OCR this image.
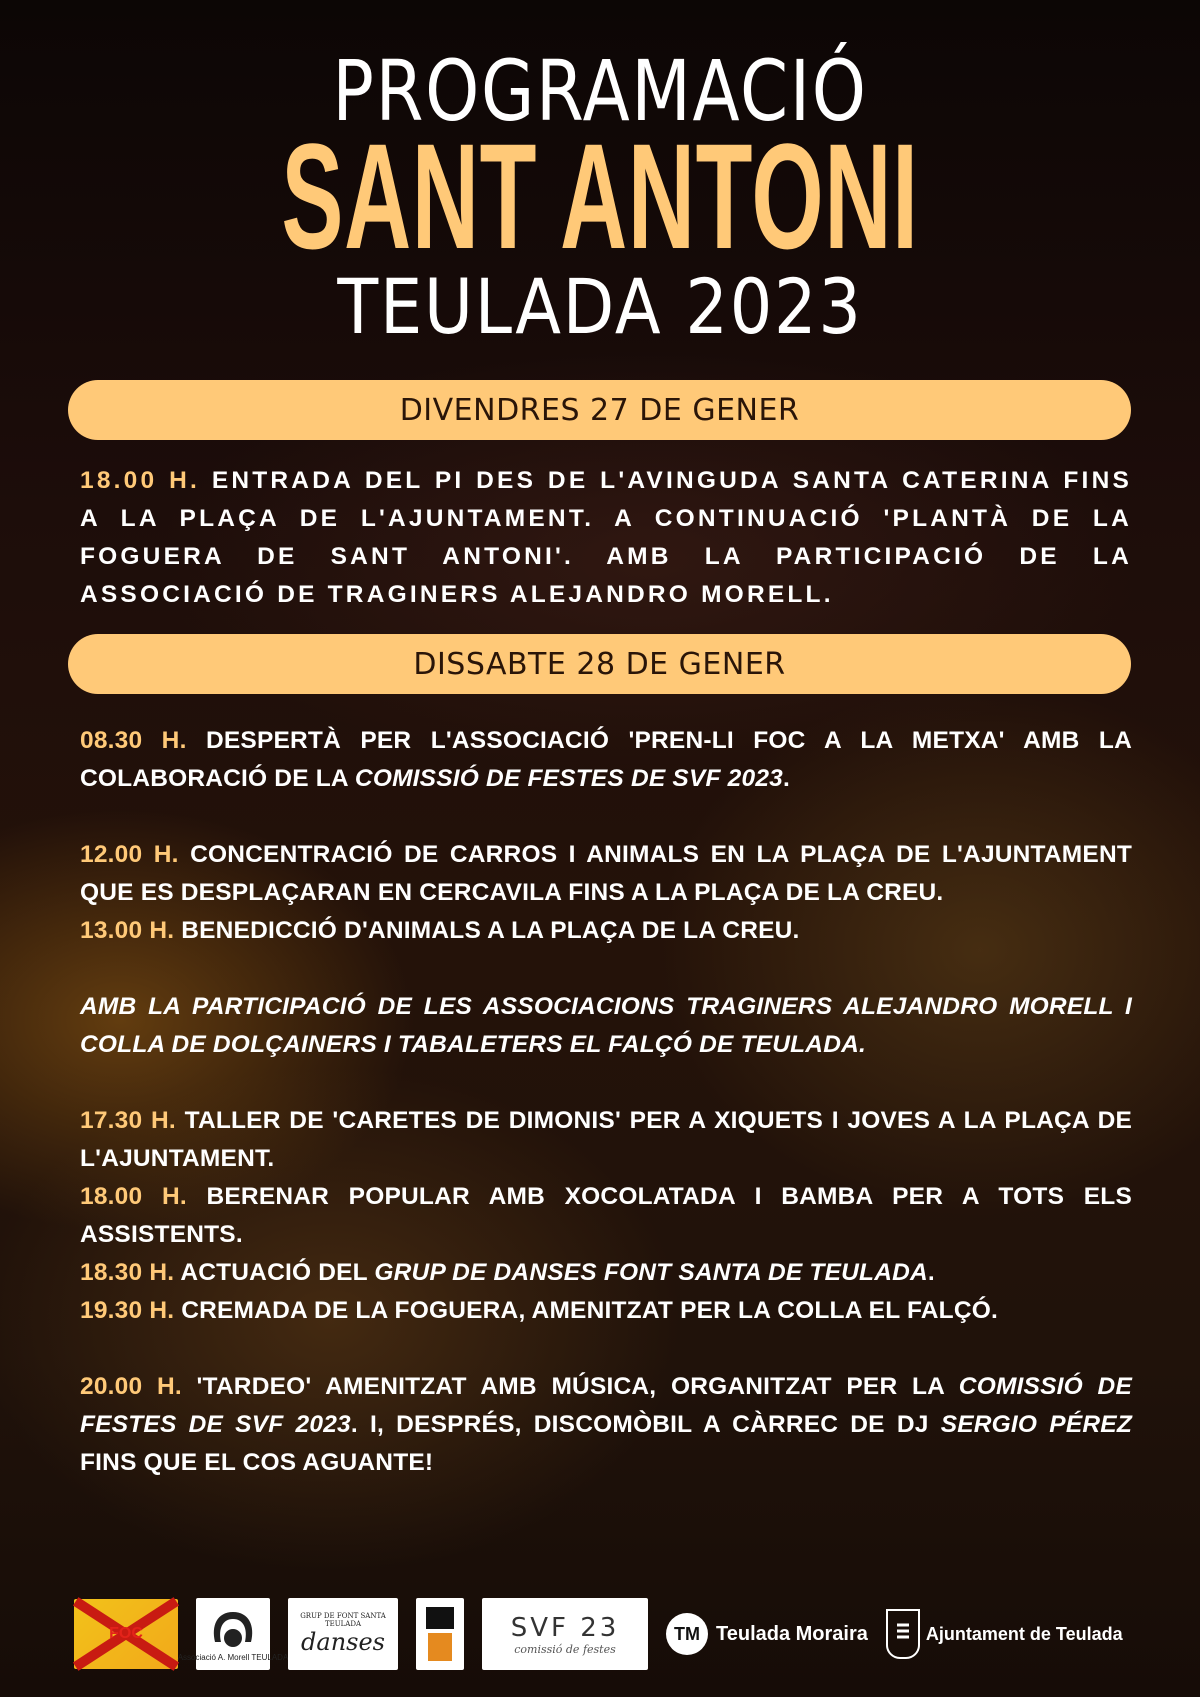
PROGRAMACIÓ
SANT ANTONI
TEULADA 2023
DIVENDRES 27 DE GENER

18.00 H. ENTRADA DEL PI DES DE L'AVINGUDA SANTA CATERINA FINS A LA PLAÇA DE L'AJUNTAMENT. A CONTINUACIÓ 'PLANTÀ DE LA FOGUERA DE SANT ANTONI'. AMB LA PARTICIPACIÓ DE LA ASSOCIACIÓ DE TRAGINERS ALEJANDRO MORELL.

DISSABTE 28 DE GENER

08.30 H. DESPERTÀ PER L'ASSOCIACIÓ 'PREN-LI FOC A LA METXA' AMB LA COLABORACIÓ DE LA COMISSIÓ DE FESTES DE SVF 2023.

12.00 H. CONCENTRACIÓ DE CARROS I ANIMALS EN LA PLAÇA DE L'AJUNTAMENT QUE ES DESPLAÇARAN EN CERCAVILA FINS A LA PLAÇA DE LA CREU.

13.00 H. BENEDICCIÓ D'ANIMALS A LA PLAÇA DE LA CREU.

AMB LA PARTICIPACIÓ DE LES ASSOCIACIONS TRAGINERS ALEJANDRO MORELL I COLLA DE DOLÇAINERS I TABALETERS EL FALÇÓ DE TEULADA.

17.30 H. TALLER DE 'CARETES DE DIMONIS' PER A XIQUETS I JOVES A LA PLAÇA DE L'AJUNTAMENT.

18.00 H. BERENAR POPULAR AMB XOCOLATADA I BAMBA PER A TOTS ELS ASSISTENTS.

18.30 H. ACTUACIÓ DEL GRUP DE DANSES FONT SANTA DE TEULADA.

19.30 H. CREMADA DE LA FOGUERA, AMENITZAT PER LA COLLA EL FALÇÓ.

20.00 H. 'TARDEO' AMENITZAT AMB MÚSICA, ORGANITZAT PER LA COMISSIÓ DE FESTES DE SVF 2023. I, DESPRÉS, DISCOMÒBIL A CÀRREC DE DJ SERGIO PÉREZ FINS QUE EL COS AGUANTE!

FOC
Associació A. Morell TEULADA
GRUP DE FONT SANTA TEULADA
danses	SVF 23
comissió de festes
TM Teulada Moraira	Ajuntament de Teulada
